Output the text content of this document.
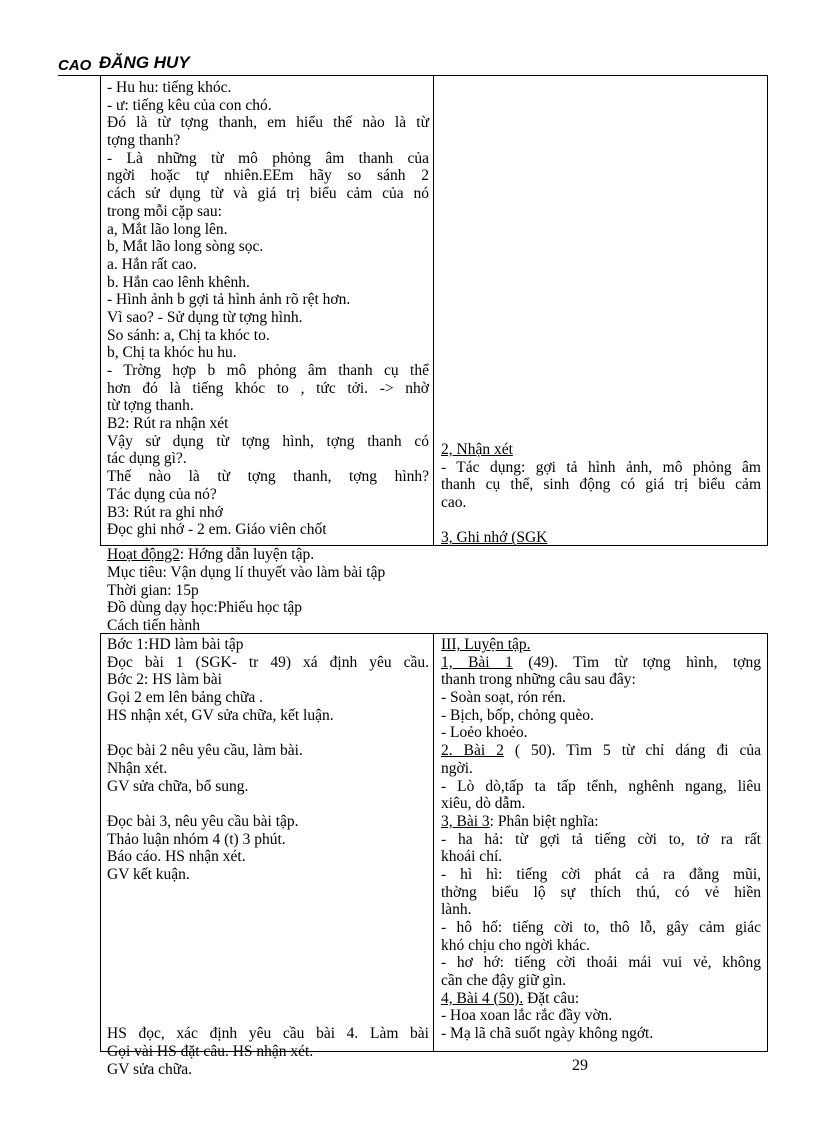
CAO ĐĂNG HUY
- Hu hu: tiếng khóc.
- ư: tiếng kêu của con chó.
Đó là từ tợng thanh, em hiểu thế nào là từ
tợng thanh?
- Là những từ mô phỏng âm thanh của
ngời hoặc tự nhiên.EEm hãy so sánh 2
cách sử dụng từ và giá trị biểu cảm của nó
trong mỗi cặp sau:
a, Mắt lão long lên.
b, Mắt lão long sòng sọc.
a. Hắn rất cao.
b. Hắn cao lênh khênh.
- Hình ảnh b gợi tả hình ảnh rõ rệt hơn.
Vì sao? - Sử dụng từ tợng hình.
So sánh: a, Chị ta khóc to.
b, Chị ta khóc hu hu.
- Trờng hợp b mô phỏng âm thanh cụ thể
hơn đó là tiếng khóc to , tức tởi. -> nhờ
từ tợng thanh.
B2: Rút ra nhận xét
Vậy sử dụng từ tợng hình, tợng thanh có
tác dụng gì?.
Thế nào là từ tợng thanh, tợng hình?
Tác dụng của nó?
B3: Rút ra ghi nhớ
Đọc ghi nhớ - 2 em. Giáo viên chốt
2, Nhận xét
- Tác dụng: gợi tả hình ảnh, mô phỏng âm
thanh cụ thể, sinh động có giá trị biểu cảm
cao.
3, Ghi nhớ (SGK
Hoạt động2: Hớng dẫn luyện tập.
Mục tiêu: Vận dụng lí thuyết vào làm bài tập
Thời gian: 15p
Đồ dùng dạy học:Phiếu học tập
Cách tiến hành
Bớc 1:HD làm bài tập
Đọc bài 1 (SGK- tr 49) xá định yêu cầu.
Bớc 2: HS làm bài
Gọi 2 em lên bảng chữa .
HS nhận xét, GV sửa chữa, kết luận.
Đọc bài 2 nêu yêu cầu, làm bài.
Nhận xét.
GV sửa chữa, bổ sung.
Đọc bài 3, nêu yêu cầu bài tập.
Thảo luận nhóm 4 (t) 3 phút.
Báo cáo. HS nhận xét.
GV kết kuận.
HS đọc, xác định yêu cầu bài 4. Làm bài
Gọi vài HS đặt câu. HS nhận xét.
GV sửa chữa.
III, Luyện tập.
1, Bài 1 (49). Tìm từ tợng hình, tợng
thanh trong những câu sau đây:
- Soàn soạt, rón rén.
- Bịch, bốp, chỏng quèo.
- Loẻo khoẻo.
2. Bài 2 ( 50). Tìm 5 từ chỉ dáng đi của
ngời.
- Lò dò,tấp ta tấp tểnh, nghênh ngang, liêu
xiêu, dò dẫm.
3, Bài 3: Phân biệt nghĩa:
- ha hả: từ gợi tả tiếng cời to, tở ra rất
khoái chí.
- hì hì: tiếng cời phát cả ra đằng mũi,
thờng biểu lộ sự thích thú, có vẻ hiền
lành.
- hô hố: tiếng cời to, thô lỗ, gây cảm giác
khó chịu cho ngời khác.
- hơ hớ: tiếng cời thoải mái vui vẻ, không
cần che đậy giữ gìn.
4, Bài 4 (50). Đặt câu:
- Hoa xoan lắc rắc đầy vờn.
- Mạ lã chã suốt ngày không ngớt.
29
